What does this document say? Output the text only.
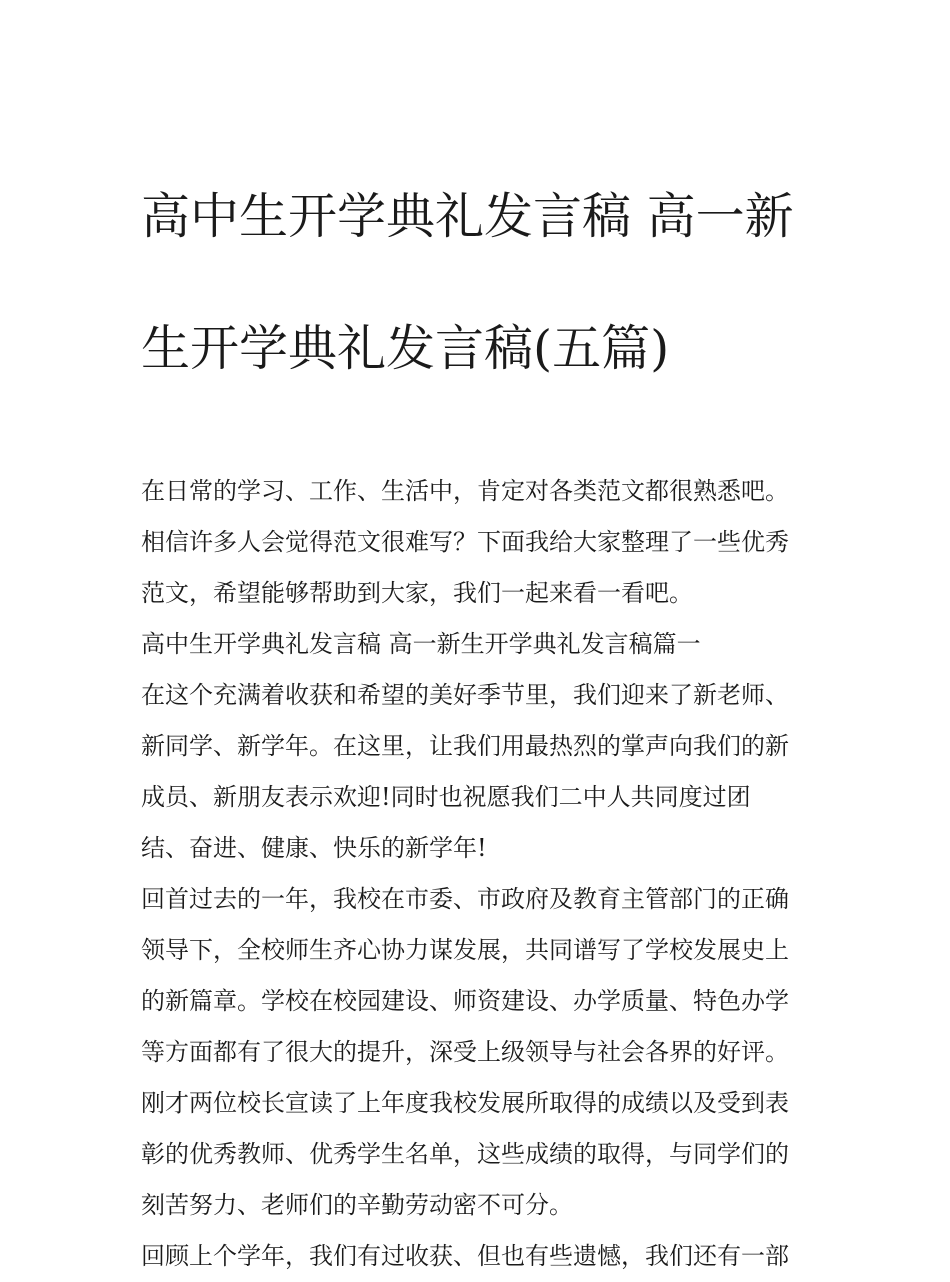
高中生开学典礼发言稿 高一新

生开学典礼发言稿(五篇)

在日常的学习、工作、生活中，肯定对各类范文都很熟悉吧。
相信许多人会觉得范文很难写？下面我给大家整理了一些优秀
范文，希望能够帮助到大家，我们一起来看一看吧。
高中生开学典礼发言稿 高一新生开学典礼发言稿篇一
在这个充满着收获和希望的美好季节里，我们迎来了新老师、
新同学、新学年。在这里，让我们用最热烈的掌声向我们的新
成员、新朋友表示欢迎!同时也祝愿我们二中人共同度过团
结、奋进、健康、快乐的新学年!
回首过去的一年，我校在市委、市政府及教育主管部门的正确
领导下，全校师生齐心协力谋发展，共同谱写了学校发展史上
的新篇章。学校在校园建设、师资建设、办学质量、特色办学
等方面都有了很大的提升，深受上级领导与社会各界的好评。
刚才两位校长宣读了上年度我校发展所取得的成绩以及受到表
彰的优秀教师、优秀学生名单，这些成绩的取得，与同学们的
刻苦努力、老师们的辛勤劳动密不可分。
回顾上个学年，我们有过收获、但也有些遗憾，我们还有一部
